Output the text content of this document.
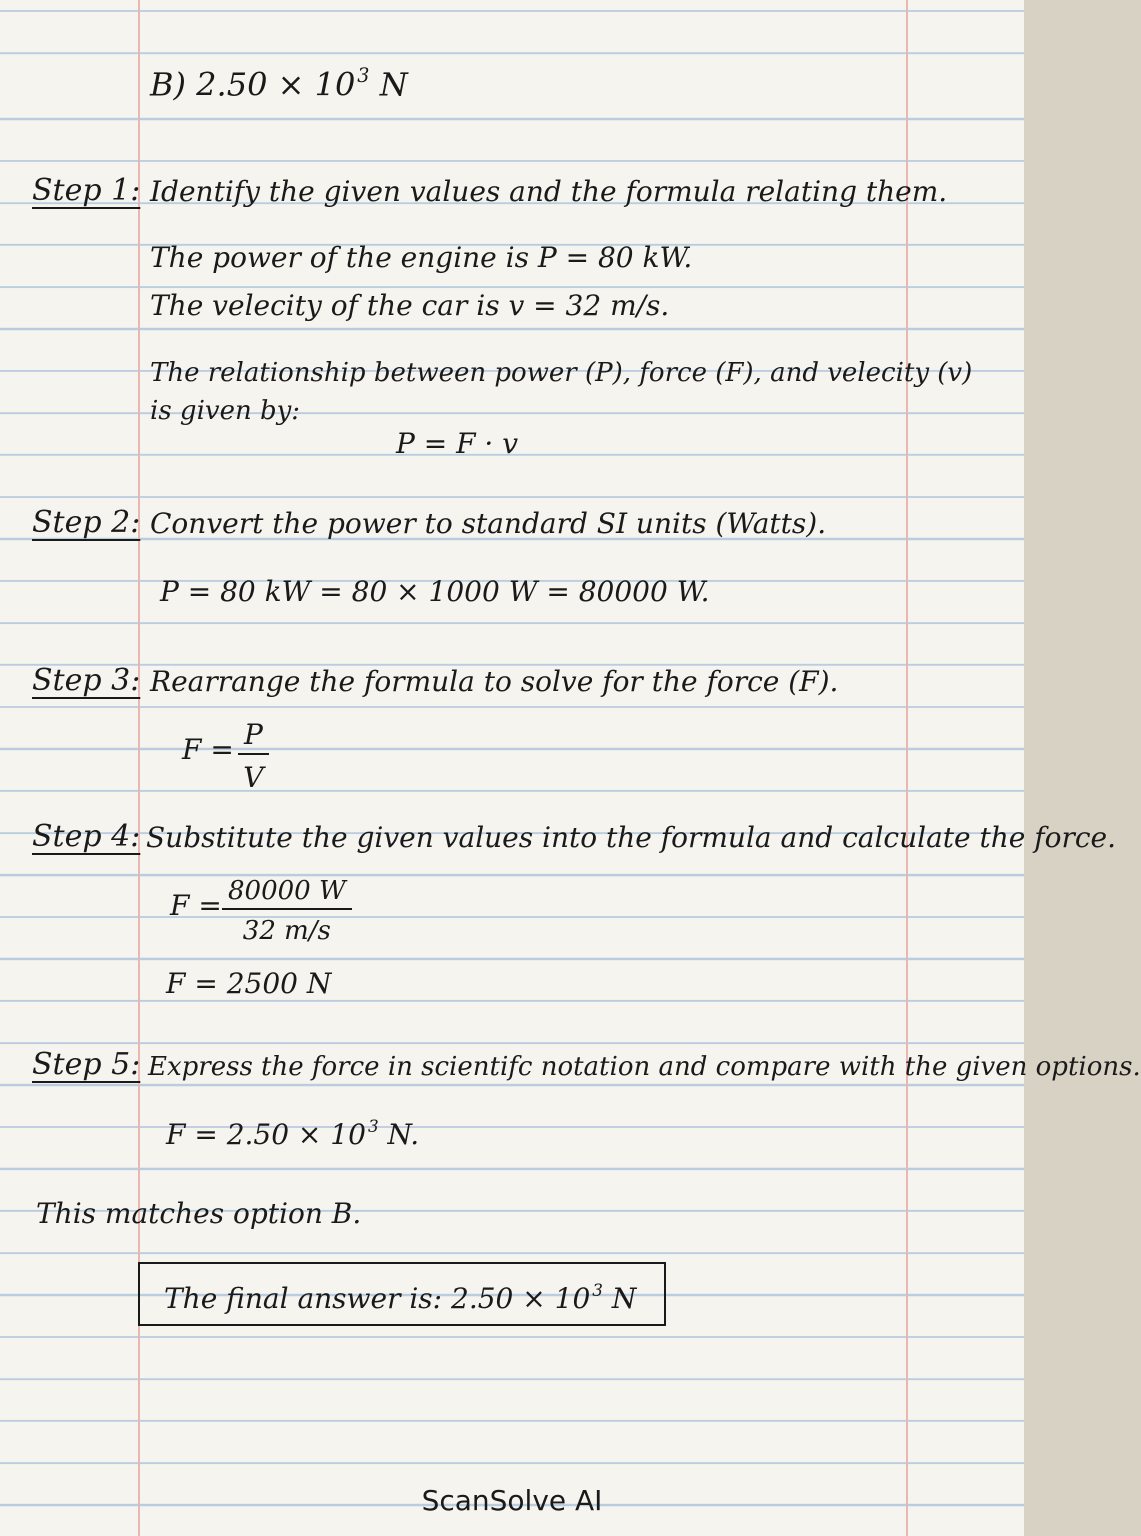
B) 2.50 × 10 $^3$ N
Step 1: Identify the given values and the formula relating them.
The power of the engine is P = 80 kW.
The velecity of the car is v = 32 m/s.
The relationship between power (P), force (F), and velecity (v)
is given by:
P = F · v
Step 2: Convert the power to standard SI units (Watts).
P = 80 kW = 80 × 1000 W = 80000 W.
Step 3: Rearrange the formula to solve for the force (F).
$F = \frac{P}{V}$
Step 4: Substitute the given values into the formula and calculate the force.
$F = \frac{80000 W}{32 m/s}$
F = 2500 N
Step 5: Express the force in scientifc notation and compare with the given options.
F = 2.50 × 10 $^3$ N.
This matches option B.
The final answer is: 2.50 × 10 $^3$ N
ScanSolve AI
